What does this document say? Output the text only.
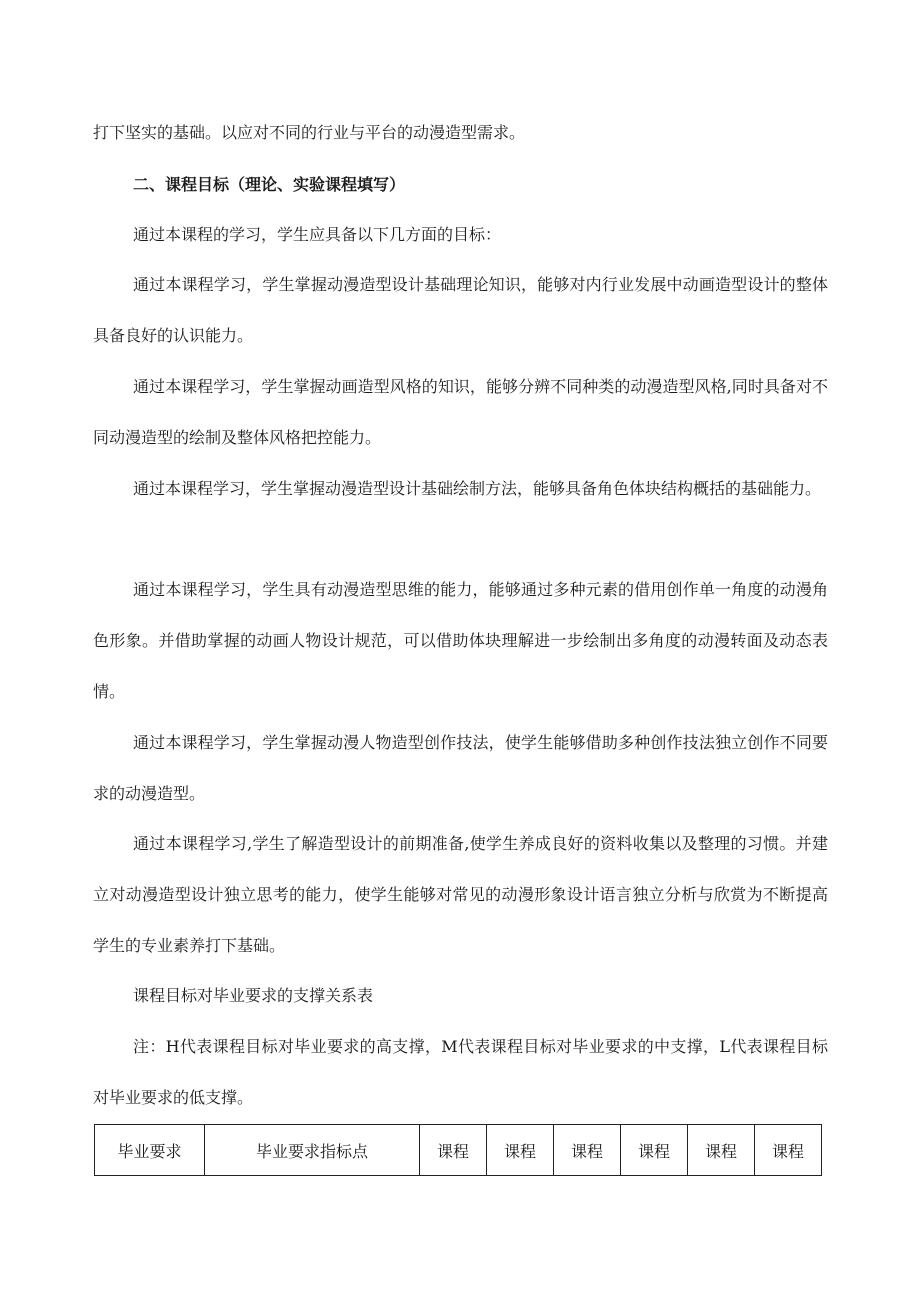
打下坚实的基础。以应对不同的行业与平台的动漫造型需求。

二、课程目标（理论、实验课程填写）

通过本课程的学习，学生应具备以下几方面的目标：

通过本课程学习，学生掌握动漫造型设计基础理论知识，能够对内行业发展中动画造型设计的整体具备良好的认识能力。

通过本课程学习，学生掌握动画造型风格的知识，能够分辨不同种类的动漫造型风格,同时具备对不同动漫造型的绘制及整体风格把控能力。

通过本课程学习，学生掌握动漫造型设计基础绘制方法，能够具备角色体块结构概括的基础能力。

通过本课程学习，学生具有动漫造型思维的能力，能够通过多种元素的借用创作单一角度的动漫角色形象。并借助掌握的动画人物设计规范，可以借助体块理解进一步绘制出多角度的动漫转面及动态表情。

通过本课程学习，学生掌握动漫人物造型创作技法，使学生能够借助多种创作技法独立创作不同要求的动漫造型。

通过本课程学习,学生了解造型设计的前期准备,使学生养成良好的资料收集以及整理的习惯。并建立对动漫造型设计独立思考的能力，使学生能够对常见的动漫形象设计语言独立分析与欣赏为不断提高学生的专业素养打下基础。

课程目标对毕业要求的支撑关系表

注：H代表课程目标对毕业要求的高支撑，M代表课程目标对毕业要求的中支撑，L代表课程目标对毕业要求的低支撑。

毕业要求	毕业要求指标点	课程	课程	课程	课程	课程	课程
